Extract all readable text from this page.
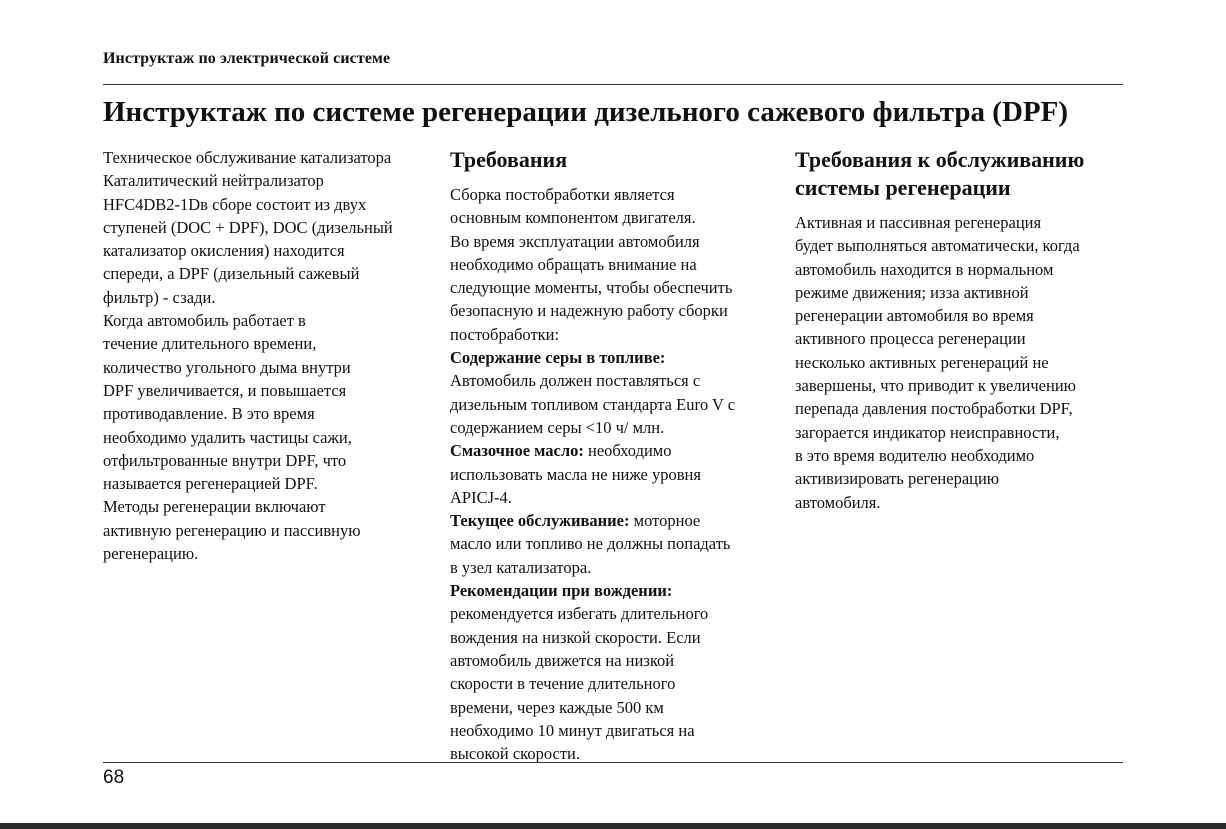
Инструктаж по электрической системе
Инструктаж по системе регенерации дизельного сажевого фильтра (DPF)

Техническое обслуживание катализатора
Каталитический нейтрализатор
HFC4DB2-1Dв сборе состоит из двух
ступеней (DOC + DPF), DOC (дизельный
катализатор окисления) находится
спереди, а DPF (дизельный сажевый
фильтр) - сзади.

Когда автомобиль работает в
течение длительного времени,
количество угольного дыма внутри
DPF увеличивается, и повышается
противодавление. В это время
необходимо удалить частицы сажи,
отфильтрованные внутри DPF, что
называется регенерацией DPF.

Методы регенерации включают
активную регенерацию и пассивную
регенерацию.

Требования
Сборка постобработки является
основным компонентом двигателя.
Во время эксплуатации автомобиля
необходимо обращать внимание на
следующие моменты, чтобы обеспечить
безопасную и надежную работу сборки
постобработки:
Содержание серы в топливе:
Автомобиль должен поставляться с
дизельным топливом стандарта Euro V с
содержанием серы <10 ч/ млн.
Смазочное масло: необходимо
использовать масла не ниже уровня
APICJ-4.
Текущее обслуживание: моторное
масло или топливо не должны попадать
в узел катализатора.
Рекомендации при вождении:
рекомендуется избегать длительного
вождения на низкой скорости. Если
автомобиль движется на низкой
скорости в течение длительного
времени, через каждые 500 км
необходимо 10 минут двигаться на
высокой скорости.
Требования к обслуживанию
системы регенерации

Активная и пассивная регенерация
будет выполняться автоматически, когда
автомобиль находится в нормальном
режиме движения; изза активной
регенерации автомобиля во время
активного процесса регенерации
несколько активных регенераций не
завершены, что приводит к увеличению
перепада давления постобработки DPF,
загорается индикатор неисправности,
в это время водителю необходимо
активизировать регенерацию
автомобиля.

68
